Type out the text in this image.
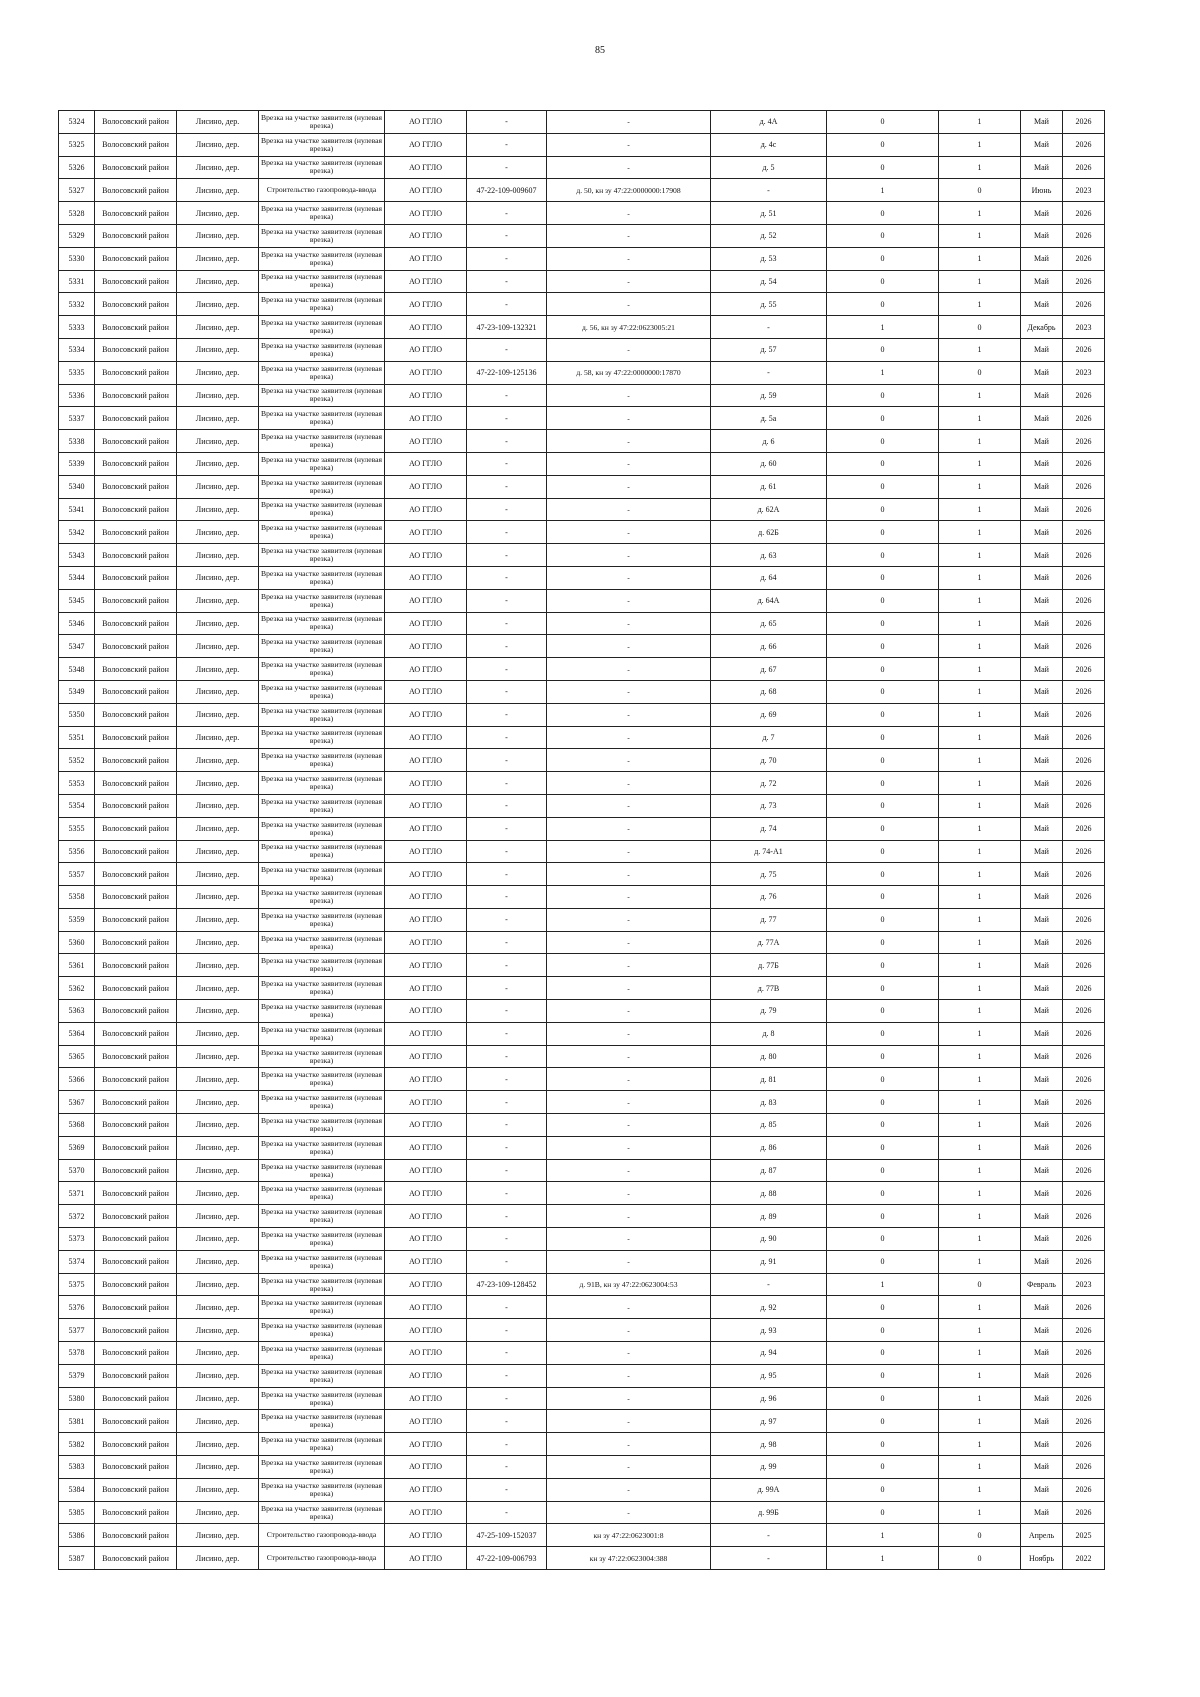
85
5324	Волосовский район	Лисино, дер.	Врезка на участке заявителя (нулевая врезка)	АО ГГЛО	-	-	д. 4А	0	1	Май	2026
5325	Волосовский район	Лисино, дер.	Врезка на участке заявителя (нулевая врезка)	АО ГГЛО	-	-	д. 4с	0	1	Май	2026
5326	Волосовский район	Лисино, дер.	Врезка на участке заявителя (нулевая врезка)	АО ГГЛО	-	-	д. 5	0	1	Май	2026
5327	Волосовский район	Лисино, дер.	Строительство газопровода-ввода	АО ГГЛО	47-22-109-009607	д. 50, кн зу 47:22:0000000:17908	-	1	0	Июнь	2023
5328	Волосовский район	Лисино, дер.	Врезка на участке заявителя (нулевая врезка)	АО ГГЛО	-	-	д. 51	0	1	Май	2026
5329	Волосовский район	Лисино, дер.	Врезка на участке заявителя (нулевая врезка)	АО ГГЛО	-	-	д. 52	0	1	Май	2026
5330	Волосовский район	Лисино, дер.	Врезка на участке заявителя (нулевая врезка)	АО ГГЛО	-	-	д. 53	0	1	Май	2026
5331	Волосовский район	Лисино, дер.	Врезка на участке заявителя (нулевая врезка)	АО ГГЛО	-	-	д. 54	0	1	Май	2026
5332	Волосовский район	Лисино, дер.	Врезка на участке заявителя (нулевая врезка)	АО ГГЛО	-	-	д. 55	0	1	Май	2026
5333	Волосовский район	Лисино, дер.	Врезка на участке заявителя (нулевая врезка)	АО ГГЛО	47-23-109-132321	д. 56, кн зу 47:22:0623005:21	-	1	0	Декабрь	2023
5334	Волосовский район	Лисино, дер.	Врезка на участке заявителя (нулевая врезка)	АО ГГЛО	-	-	д. 57	0	1	Май	2026
5335	Волосовский район	Лисино, дер.	Врезка на участке заявителя (нулевая врезка)	АО ГГЛО	47-22-109-125136	д. 58, кн зу 47:22:0000000:17870	-	1	0	Май	2023
5336	Волосовский район	Лисино, дер.	Врезка на участке заявителя (нулевая врезка)	АО ГГЛО	-	-	д. 59	0	1	Май	2026
5337	Волосовский район	Лисино, дер.	Врезка на участке заявителя (нулевая врезка)	АО ГГЛО	-	-	д. 5а	0	1	Май	2026
5338	Волосовский район	Лисино, дер.	Врезка на участке заявителя (нулевая врезка)	АО ГГЛО	-	-	д. 6	0	1	Май	2026
5339	Волосовский район	Лисино, дер.	Врезка на участке заявителя (нулевая врезка)	АО ГГЛО	-	-	д. 60	0	1	Май	2026
5340	Волосовский район	Лисино, дер.	Врезка на участке заявителя (нулевая врезка)	АО ГГЛО	-	-	д. 61	0	1	Май	2026
5341	Волосовский район	Лисино, дер.	Врезка на участке заявителя (нулевая врезка)	АО ГГЛО	-	-	д. 62А	0	1	Май	2026
5342	Волосовский район	Лисино, дер.	Врезка на участке заявителя (нулевая врезка)	АО ГГЛО	-	-	д. 62Б	0	1	Май	2026
5343	Волосовский район	Лисино, дер.	Врезка на участке заявителя (нулевая врезка)	АО ГГЛО	-	-	д. 63	0	1	Май	2026
5344	Волосовский район	Лисино, дер.	Врезка на участке заявителя (нулевая врезка)	АО ГГЛО	-	-	д. 64	0	1	Май	2026
5345	Волосовский район	Лисино, дер.	Врезка на участке заявителя (нулевая врезка)	АО ГГЛО	-	-	д. 64А	0	1	Май	2026
5346	Волосовский район	Лисино, дер.	Врезка на участке заявителя (нулевая врезка)	АО ГГЛО	-	-	д. 65	0	1	Май	2026
5347	Волосовский район	Лисино, дер.	Врезка на участке заявителя (нулевая врезка)	АО ГГЛО	-	-	д. 66	0	1	Май	2026
5348	Волосовский район	Лисино, дер.	Врезка на участке заявителя (нулевая врезка)	АО ГГЛО	-	-	д. 67	0	1	Май	2026
5349	Волосовский район	Лисино, дер.	Врезка на участке заявителя (нулевая врезка)	АО ГГЛО	-	-	д. 68	0	1	Май	2026
5350	Волосовский район	Лисино, дер.	Врезка на участке заявителя (нулевая врезка)	АО ГГЛО	-	-	д. 69	0	1	Май	2026
5351	Волосовский район	Лисино, дер.	Врезка на участке заявителя (нулевая врезка)	АО ГГЛО	-	-	д. 7	0	1	Май	2026
5352	Волосовский район	Лисино, дер.	Врезка на участке заявителя (нулевая врезка)	АО ГГЛО	-	-	д. 70	0	1	Май	2026
5353	Волосовский район	Лисино, дер.	Врезка на участке заявителя (нулевая врезка)	АО ГГЛО	-	-	д. 72	0	1	Май	2026
5354	Волосовский район	Лисино, дер.	Врезка на участке заявителя (нулевая врезка)	АО ГГЛО	-	-	д. 73	0	1	Май	2026
5355	Волосовский район	Лисино, дер.	Врезка на участке заявителя (нулевая врезка)	АО ГГЛО	-	-	д. 74	0	1	Май	2026
5356	Волосовский район	Лисино, дер.	Врезка на участке заявителя (нулевая врезка)	АО ГГЛО	-	-	д. 74-А1	0	1	Май	2026
5357	Волосовский район	Лисино, дер.	Врезка на участке заявителя (нулевая врезка)	АО ГГЛО	-	-	д. 75	0	1	Май	2026
5358	Волосовский район	Лисино, дер.	Врезка на участке заявителя (нулевая врезка)	АО ГГЛО	-	-	д. 76	0	1	Май	2026
5359	Волосовский район	Лисино, дер.	Врезка на участке заявителя (нулевая врезка)	АО ГГЛО	-	-	д. 77	0	1	Май	2026
5360	Волосовский район	Лисино, дер.	Врезка на участке заявителя (нулевая врезка)	АО ГГЛО	-	-	д. 77А	0	1	Май	2026
5361	Волосовский район	Лисино, дер.	Врезка на участке заявителя (нулевая врезка)	АО ГГЛО	-	-	д. 77Б	0	1	Май	2026
5362	Волосовский район	Лисино, дер.	Врезка на участке заявителя (нулевая врезка)	АО ГГЛО	-	-	д. 77В	0	1	Май	2026
5363	Волосовский район	Лисино, дер.	Врезка на участке заявителя (нулевая врезка)	АО ГГЛО	-	-	д. 79	0	1	Май	2026
5364	Волосовский район	Лисино, дер.	Врезка на участке заявителя (нулевая врезка)	АО ГГЛО	-	-	д. 8	0	1	Май	2026
5365	Волосовский район	Лисино, дер.	Врезка на участке заявителя (нулевая врезка)	АО ГГЛО	-	-	д. 80	0	1	Май	2026
5366	Волосовский район	Лисино, дер.	Врезка на участке заявителя (нулевая врезка)	АО ГГЛО	-	-	д. 81	0	1	Май	2026
5367	Волосовский район	Лисино, дер.	Врезка на участке заявителя (нулевая врезка)	АО ГГЛО	-	-	д. 83	0	1	Май	2026
5368	Волосовский район	Лисино, дер.	Врезка на участке заявителя (нулевая врезка)	АО ГГЛО	-	-	д. 85	0	1	Май	2026
5369	Волосовский район	Лисино, дер.	Врезка на участке заявителя (нулевая врезка)	АО ГГЛО	-	-	д. 86	0	1	Май	2026
5370	Волосовский район	Лисино, дер.	Врезка на участке заявителя (нулевая врезка)	АО ГГЛО	-	-	д. 87	0	1	Май	2026
5371	Волосовский район	Лисино, дер.	Врезка на участке заявителя (нулевая врезка)	АО ГГЛО	-	-	д. 88	0	1	Май	2026
5372	Волосовский район	Лисино, дер.	Врезка на участке заявителя (нулевая врезка)	АО ГГЛО	-	-	д. 89	0	1	Май	2026
5373	Волосовский район	Лисино, дер.	Врезка на участке заявителя (нулевая врезка)	АО ГГЛО	-	-	д. 90	0	1	Май	2026
5374	Волосовский район	Лисино, дер.	Врезка на участке заявителя (нулевая врезка)	АО ГГЛО	-	-	д. 91	0	1	Май	2026
5375	Волосовский район	Лисино, дер.	Врезка на участке заявителя (нулевая врезка)	АО ГГЛО	47-23-109-128452	д. 91В, кн зу 47:22:0623004:53	-	1	0	Февраль	2023
5376	Волосовский район	Лисино, дер.	Врезка на участке заявителя (нулевая врезка)	АО ГГЛО	-	-	д. 92	0	1	Май	2026
5377	Волосовский район	Лисино, дер.	Врезка на участке заявителя (нулевая врезка)	АО ГГЛО	-	-	д. 93	0	1	Май	2026
5378	Волосовский район	Лисино, дер.	Врезка на участке заявителя (нулевая врезка)	АО ГГЛО	-	-	д. 94	0	1	Май	2026
5379	Волосовский район	Лисино, дер.	Врезка на участке заявителя (нулевая врезка)	АО ГГЛО	-	-	д. 95	0	1	Май	2026
5380	Волосовский район	Лисино, дер.	Врезка на участке заявителя (нулевая врезка)	АО ГГЛО	-	-	д. 96	0	1	Май	2026
5381	Волосовский район	Лисино, дер.	Врезка на участке заявителя (нулевая врезка)	АО ГГЛО	-	-	д. 97	0	1	Май	2026
5382	Волосовский район	Лисино, дер.	Врезка на участке заявителя (нулевая врезка)	АО ГГЛО	-	-	д. 98	0	1	Май	2026
5383	Волосовский район	Лисино, дер.	Врезка на участке заявителя (нулевая врезка)	АО ГГЛО	-	-	д. 99	0	1	Май	2026
5384	Волосовский район	Лисино, дер.	Врезка на участке заявителя (нулевая врезка)	АО ГГЛО	-	-	д. 99А	0	1	Май	2026
5385	Волосовский район	Лисино, дер.	Врезка на участке заявителя (нулевая врезка)	АО ГГЛО	-	-	д. 99Б	0	1	Май	2026
5386	Волосовский район	Лисино, дер.	Строительство газопровода-ввода	АО ГГЛО	47-25-109-152037	кн зу 47:22:0623001:8	-	1	0	Апрель	2025
5387	Волосовский район	Лисино, дер.	Строительство газопровода-ввода	АО ГГЛО	47-22-109-006793	кн зу 47:22:0623004:388	-	1	0	Ноябрь	2022
